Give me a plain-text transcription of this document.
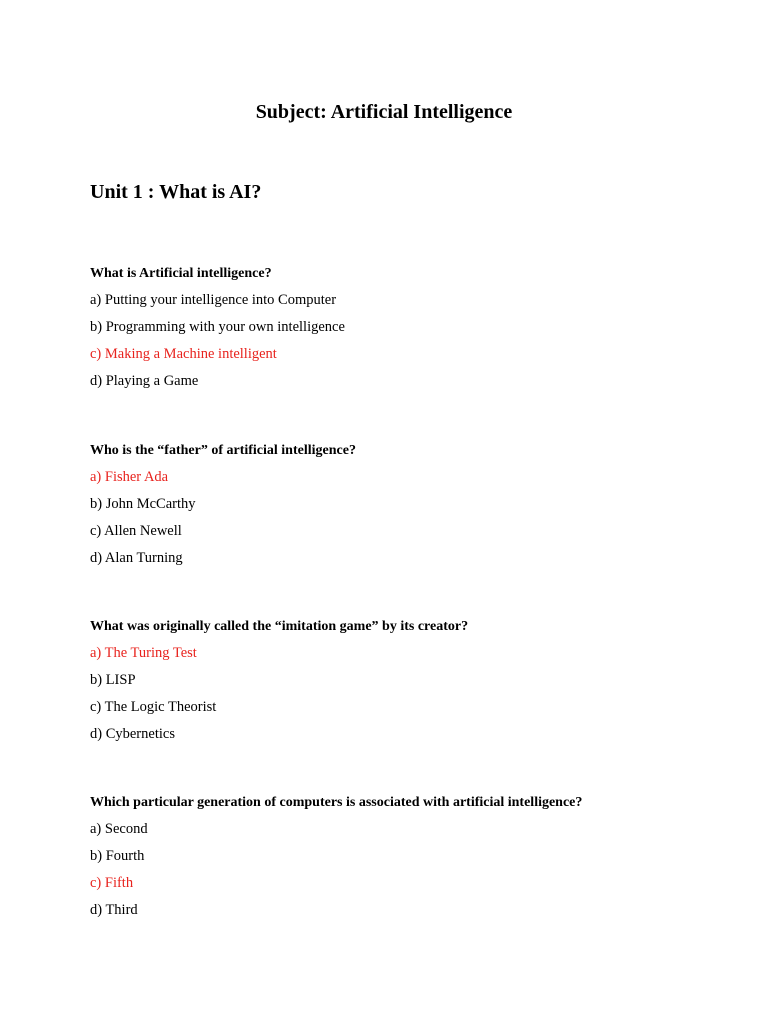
Subject: Artificial Intelligence
Unit 1 : What is AI?

What is Artificial intelligence?

a) Putting your intelligence into Computer

b) Programming with your own intelligence

c) Making a Machine intelligent

d) Playing a Game

Who is the “father” of artificial intelligence?

a) Fisher Ada

b) John McCarthy

c) Allen Newell

d) Alan Turning

What was originally called the “imitation game” by its creator?

a) The Turing Test

b) LISP

c) The Logic Theorist

d) Cybernetics

Which particular generation of computers is associated with artificial intelligence?

a) Second

b) Fourth

c) Fifth

d) Third
